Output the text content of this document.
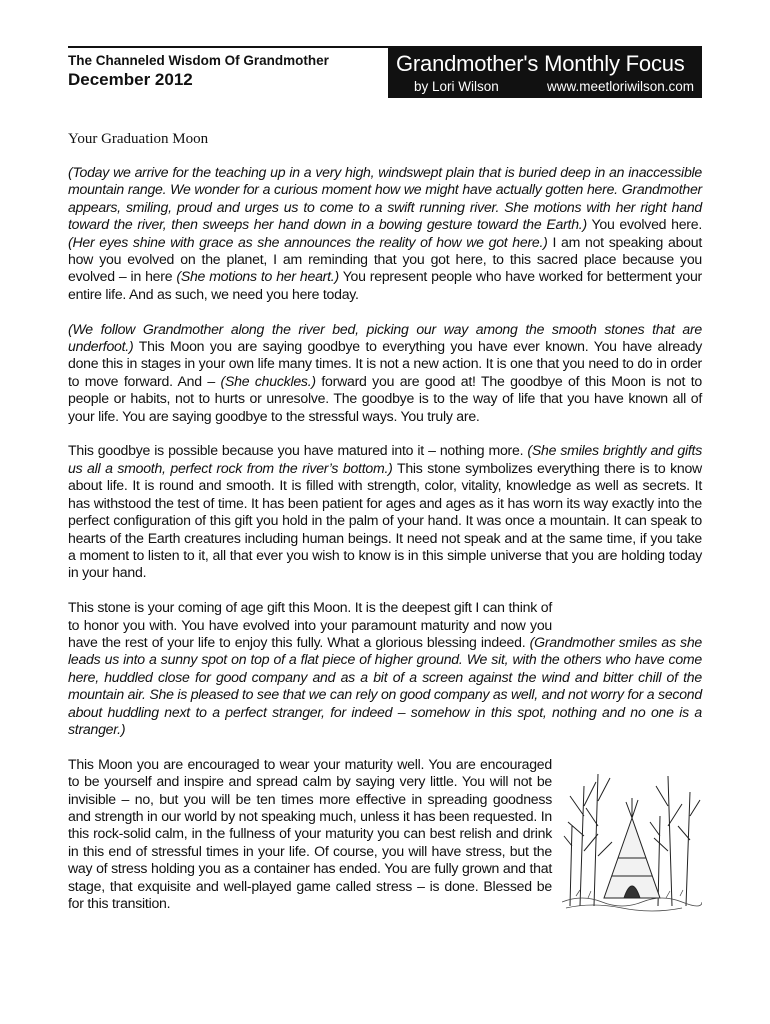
The Channeled Wisdom Of Grandmother
December 2012
Grandmother's Monthly Focus
by Lori Wilson	www.meetloriwilson.com
Your Graduation Moon

(Today we arrive for the teaching up in a very high, windswept plain that is buried deep in an inaccessible mountain range. We wonder for a curious moment how we might have actually gotten here. Grandmother appears, smiling, proud and urges us to come to a swift running river. She motions with her right hand toward the river, then sweeps her hand down in a bowing gesture toward the Earth.) You evolved here. (Her eyes shine with grace as she announces the reality of how we got here.) I am not speaking about how you evolved on the planet, I am reminding that you got here, to this sacred place because you evolved – in here (She motions to her heart.) You represent people who have worked for betterment your entire life. And as such, we need you here today.

(We follow Grandmother along the river bed, picking our way among the smooth stones that are underfoot.) This Moon you are saying goodbye to everything you have ever known. You have already done this in stages in your own life many times. It is not a new action. It is one that you need to do in order to move forward. And – (She chuckles.) forward you are good at! The goodbye of this Moon is not to people or habits, not to hurts or unresolve. The goodbye is to the way of life that you have known all of your life. You are saying goodbye to the stressful ways. You truly are.

This goodbye is possible because you have matured into it – nothing more. (She smiles brightly and gifts us all a smooth, perfect rock from the river’s bottom.) This stone symbolizes everything there is to know about life. It is round and smooth. It is filled with strength, color, vitality, knowledge as well as secrets. It has withstood the test of time. It has been patient for ages and ages as it has worn its way exactly into the perfect configuration of this gift you hold in the palm of your hand. It was once a mountain. It can speak to hearts of the Earth creatures including human beings. It need not speak and at the same time, if you take a moment to listen to it, all that ever you wish to know is in this simple universe that you are holding today in your hand.

This stone is your coming of age gift this Moon. It is the deepest gift I can think of to honor you with. You have evolved into your paramount maturity and now you have the rest of your life to enjoy this fully. What a glorious blessing indeed. (Grandmother smiles as she leads us into a sunny spot on top of a flat piece of higher ground. We sit, with the others who have come here, huddled close for good company and as a bit of a screen against the wind and bitter chill of the mountain air. She is pleased to see that we can rely on good company as well, and not worry for a second about huddling next to a perfect stranger, for indeed – somehow in this spot, nothing and no one is a stranger.)

This Moon you are encouraged to wear your maturity well. You are encouraged to be yourself and inspire and spread calm by saying very little. You will not be invisible – no, but you will be ten times more effective in spreading goodness and strength in our world by not speaking much, unless it has been requested. In this rock-solid calm, in the fullness of your maturity you can best relish and drink in this end of stressful times in your life. Of course, you will have stress, but the way of stress holding you as a container has ended. You are fully grown and that stage, that exquisite and well-played game called stress – is done. Blessed be for this transition.
